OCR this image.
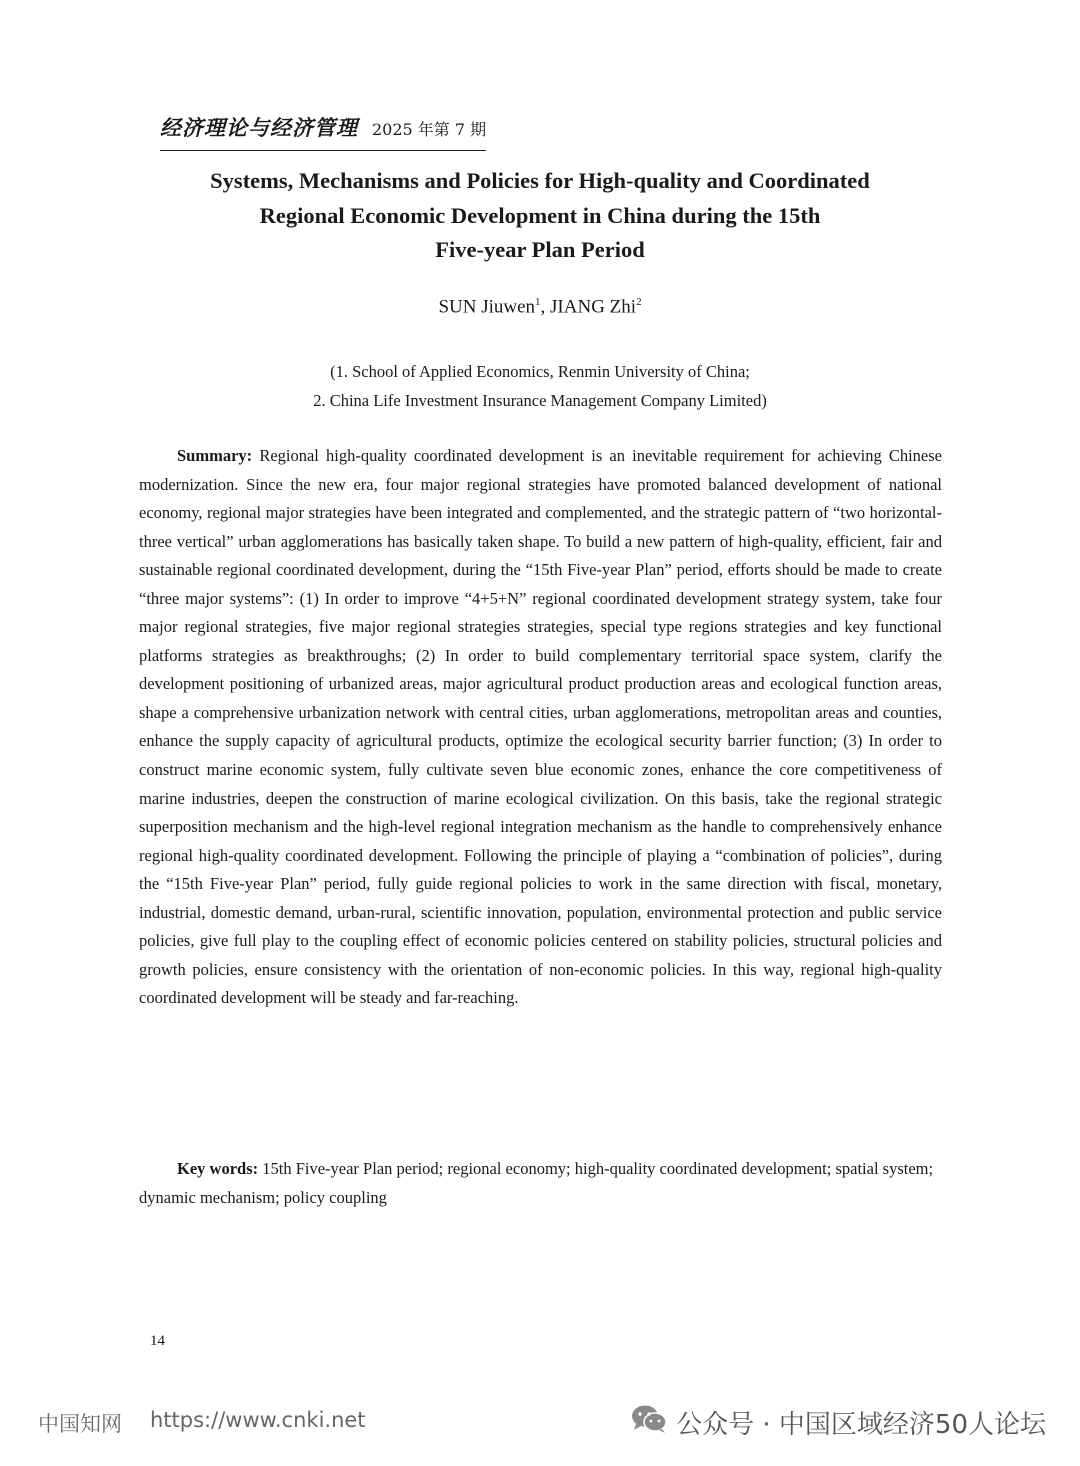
经济理论与经济管理 2025 年第 7 期
Systems, Mechanisms and Policies for High-quality and Coordinated
Regional Economic Development in China during the 15th
Five-year Plan Period
SUN Jiuwen$^1$, JIANG Zhi$^2$
(1. School of Applied Economics, Renmin University of China;
2. China Life Investment Insurance Management Company Limited)

Summary: Regional high-quality coordinated development is an inevitable requirement for achieving Chinese modernization. Since the new era, four major regional strategies have promoted balanced development of national economy, regional major strategies have been integrated and complemented, and the strategic pattern of “two horizontal-three vertical” urban agglomerations has basically taken shape. To build a new pattern of high-quality, efficient, fair and sustainable regional coordinated development, during the “15th Five-year Plan” period, efforts should be made to create “three major systems”: (1) In order to improve “4+5+N” regional coordinated development strategy system, take four major regional strategies, five major regional strategies strategies, special type regions strategies and key functional platforms strategies as breakthroughs; (2) In order to build complementary territorial space system, clarify the development positioning of urbanized areas, major agricultural product production areas and ecological function areas, shape a comprehensive urbanization network with central cities, urban agglomerations, metropolitan areas and counties, enhance the supply capacity of agricultural products, optimize the ecological security barrier function; (3) In order to construct marine economic system, fully cultivate seven blue economic zones, enhance the core competitiveness of marine industries, deepen the construction of marine ecological civilization. On this basis, take the regional strategic superposition mechanism and the high-level regional integration mechanism as the handle to comprehensively enhance regional high-quality coordinated development. Following the principle of playing a “combination of policies”, during the “15th Five-year Plan” period, fully guide regional policies to work in the same direction with fiscal, monetary, industrial, domestic demand, urban-rural, scientific innovation, population, environmental protection and public service policies, give full play to the coupling effect of economic policies centered on stability policies, structural policies and growth policies, ensure consistency with the orientation of non-economic policies. In this way, regional high-quality coordinated development will be steady and far-reaching.

Key words: 15th Five-year Plan period; regional economy; high-quality coordinated development; spatial system; dynamic mechanism; policy coupling
14
中国知网 https://www.cnki.net	公众号 · 中国区域经济50人论坛
